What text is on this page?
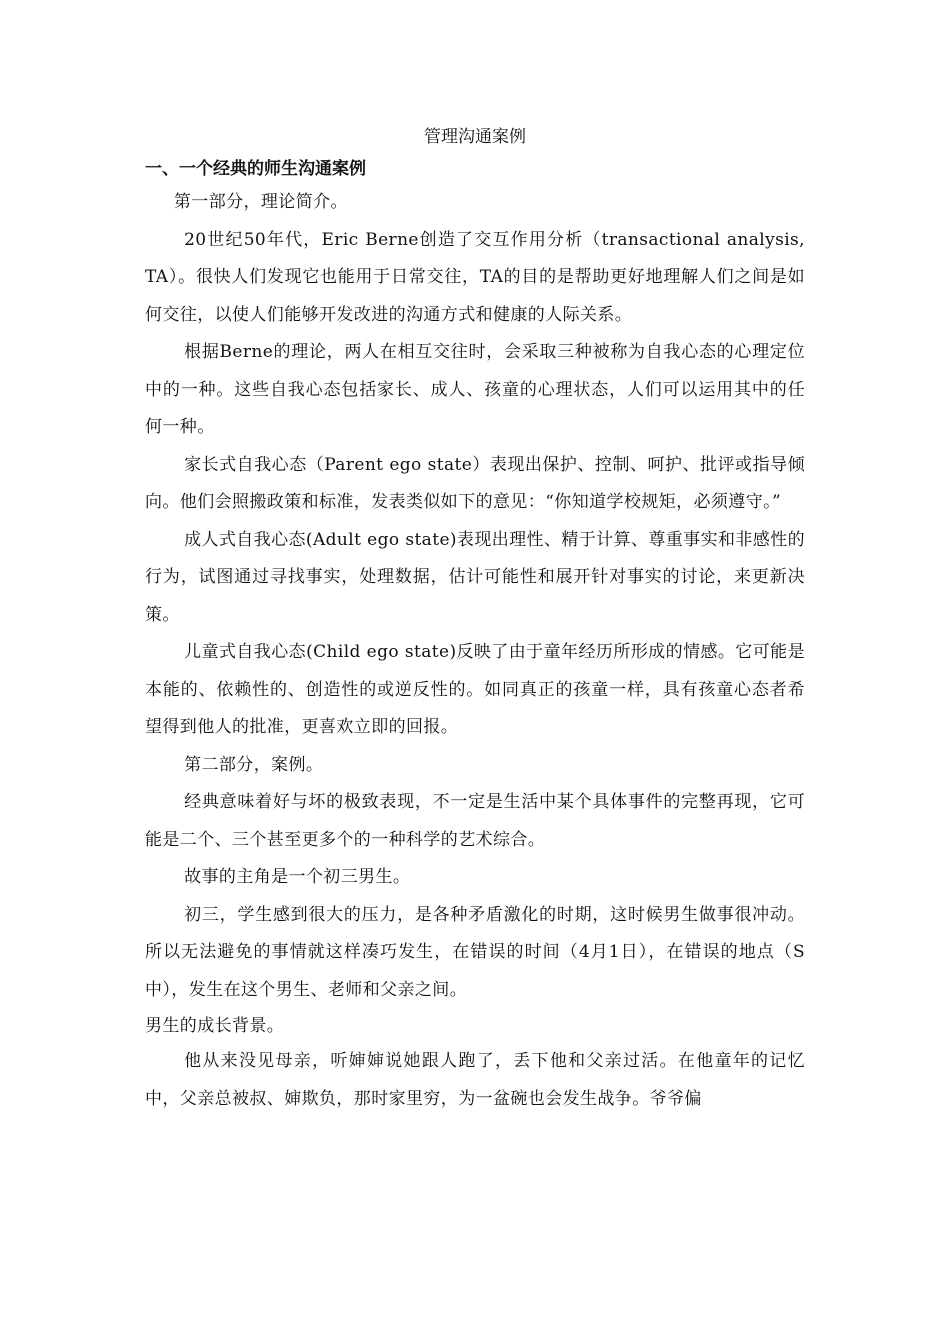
管理沟通案例
一、一个经典的师生沟通案例

第一部分，理论简介。

20世纪50年代，Eric Berne创造了交互作用分析（transactional analysis, TA）。很快人们发现它也能用于日常交往，TA的目的是帮助更好地理解人们之间是如何交往，以使人们能够开发改进的沟通方式和健康的人际关系。

根据Berne的理论，两人在相互交往时，会采取三种被称为自我心态的心理定位中的一种。这些自我心态包括家长、成人、孩童的心理状态，人们可以运用其中的任何一种。

家长式自我心态（Parent ego state）表现出保护、控制、呵护、批评或指导倾向。他们会照搬政策和标准，发表类似如下的意见：“你知道学校规矩，必须遵守。”

成人式自我心态(Adult ego state)表现出理性、精于计算、尊重事实和非感性的行为，试图通过寻找事实，处理数据，估计可能性和展开针对事实的讨论，来更新决策。

儿童式自我心态(Child ego state)反映了由于童年经历所形成的情感。它可能是本能的、依赖性的、创造性的或逆反性的。如同真正的孩童一样，具有孩童心态者希望得到他人的批准，更喜欢立即的回报。

第二部分，案例。

经典意味着好与坏的极致表现，不一定是生活中某个具体事件的完整再现，它可能是二个、三个甚至更多个的一种科学的艺术综合。

故事的主角是一个初三男生。

初三，学生感到很大的压力，是各种矛盾激化的时期，这时候男生做事很冲动。所以无法避免的事情就这样凑巧发生，在错误的时间（4月1日），在错误的地点（S中），发生在这个男生、老师和父亲之间。

男生的成长背景。

他从来没见母亲，听婶婶说她跟人跑了，丢下他和父亲过活。在他童年的记忆中，父亲总被叔、婶欺负，那时家里穷，为一盆碗也会发生战争。爷爷偏
